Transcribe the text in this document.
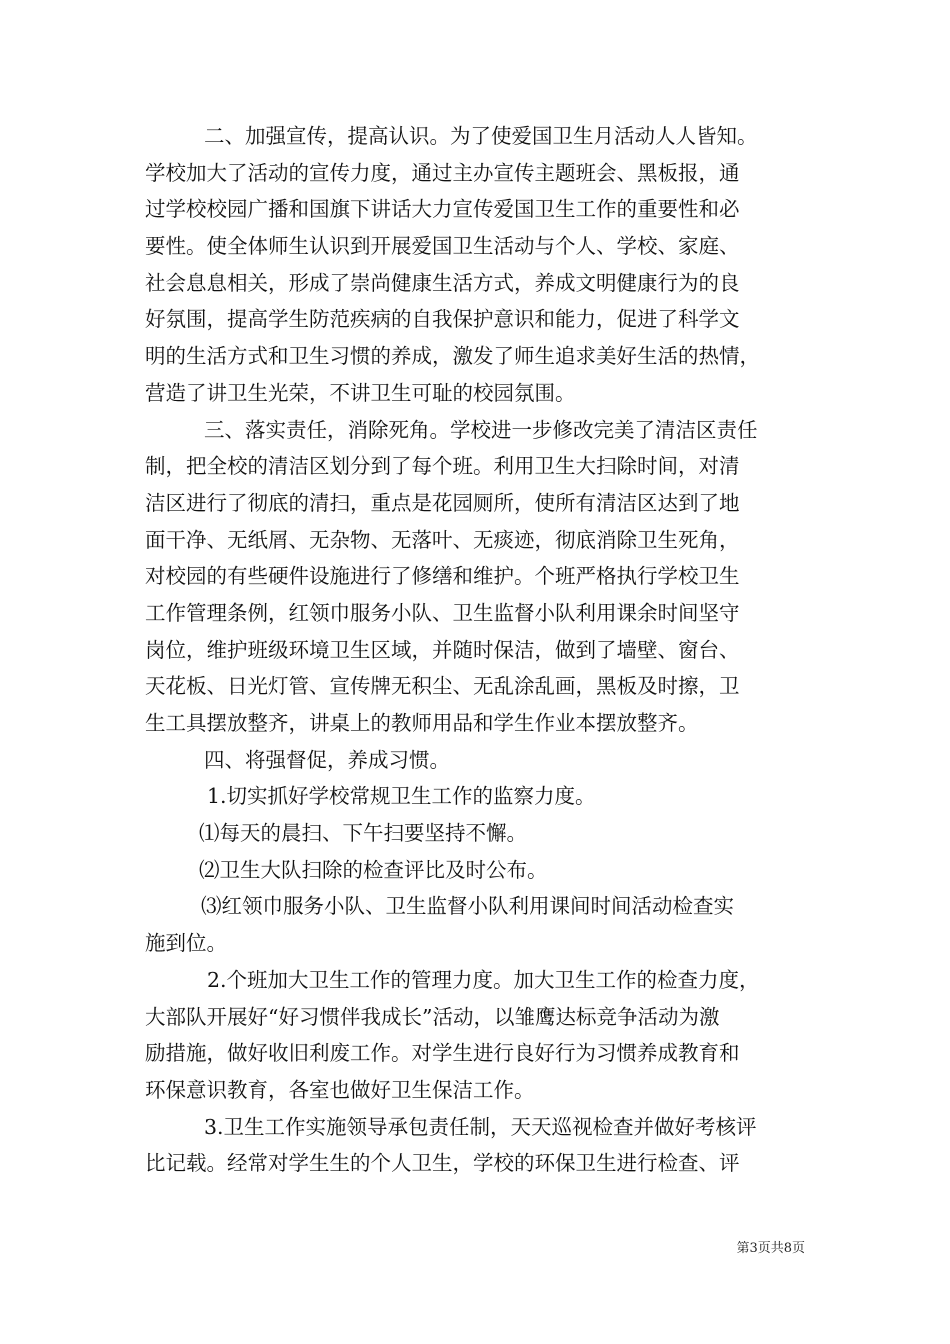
二、加强宣传，提高认识。为了使爱国卫生月活动人人皆知。
学校加大了活动的宣传力度，通过主办宣传主题班会、黑板报，通
过学校校园广播和国旗下讲话大力宣传爱国卫生工作的重要性和必
要性。使全体师生认识到开展爱国卫生活动与个人、学校、家庭、
社会息息相关，形成了崇尚健康生活方式，养成文明健康行为的良
好氛围，提高学生防范疾病的自我保护意识和能力，促进了科学文
明的生活方式和卫生习惯的养成，激发了师生追求美好生活的热情，
营造了讲卫生光荣，不讲卫生可耻的校园氛围。
三、落实责任，消除死角。学校进一步修改完美了清洁区责任
制，把全校的清洁区划分到了每个班。利用卫生大扫除时间，对清
洁区进行了彻底的清扫，重点是花园厕所，使所有清洁区达到了地
面干净、无纸屑、无杂物、无落叶、无痰迹，彻底消除卫生死角，
对校园的有些硬件设施进行了修缮和维护。个班严格执行学校卫生
工作管理条例，红领巾服务小队、卫生监督小队利用课余时间坚守
岗位，维护班级环境卫生区域，并随时保洁，做到了墙壁、窗台、
天花板、日光灯管、宣传牌无积尘、无乱涂乱画，黑板及时擦，卫
生工具摆放整齐，讲桌上的教师用品和学生作业本摆放整齐。
四、将强督促，养成习惯。
1.切实抓好学校常规卫生工作的监察力度。
⑴每天的晨扫、下午扫要坚持不懈。
⑵卫生大队扫除的检查评比及时公布。
⑶红领巾服务小队、卫生监督小队利用课间时间活动检查实
施到位。
2.个班加大卫生工作的管理力度。加大卫生工作的检查力度，
大部队开展好“好习惯伴我成长”活动，以雏鹰达标竞争活动为激
励措施，做好收旧利废工作。对学生进行良好行为习惯养成教育和
环保意识教育，各室也做好卫生保洁工作。
3.卫生工作实施领导承包责任制，天天巡视检查并做好考核评
比记载。经常对学生生的个人卫生，学校的环保卫生进行检查、评
第3页共8页
